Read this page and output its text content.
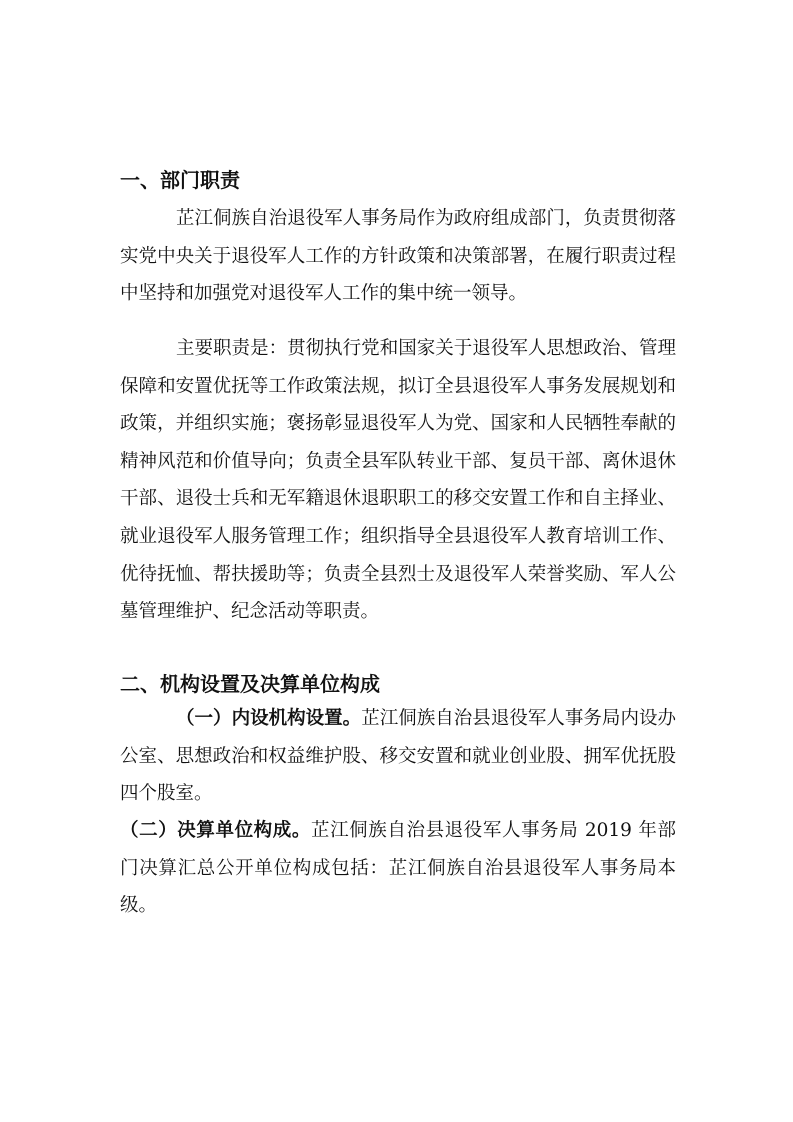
一、部门职责

芷江侗族自治退役军人事务局作为政府组成部门，负责贯彻落实党中央关于退役军人工作的方针政策和决策部署，在履行职责过程中坚持和加强党对退役军人工作的集中统一领导。

主要职责是：贯彻执行党和国家关于退役军人思想政治、管理保障和安置优抚等工作政策法规，拟订全县退役军人事务发展规划和政策，并组织实施；褒扬彰显退役军人为党、国家和人民牺牲奉献的精神风范和价值导向；负责全县军队转业干部、复员干部、离休退休干部、退役士兵和无军籍退休退职职工的移交安置工作和自主择业、就业退役军人服务管理工作；组织指导全县退役军人教育培训工作、优待抚恤、帮扶援助等；负责全县烈士及退役军人荣誉奖励、军人公墓管理维护、纪念活动等职责。

二、机构设置及决算单位构成

（一）内设机构设置。芷江侗族自治县退役军人事务局内设办公室、思想政治和权益维护股、移交安置和就业创业股、拥军优抚股四个股室。

（二）决算单位构成。芷江侗族自治县退役军人事务局 2019 年部门决算汇总公开单位构成包括：芷江侗族自治县退役军人事务局本级。
